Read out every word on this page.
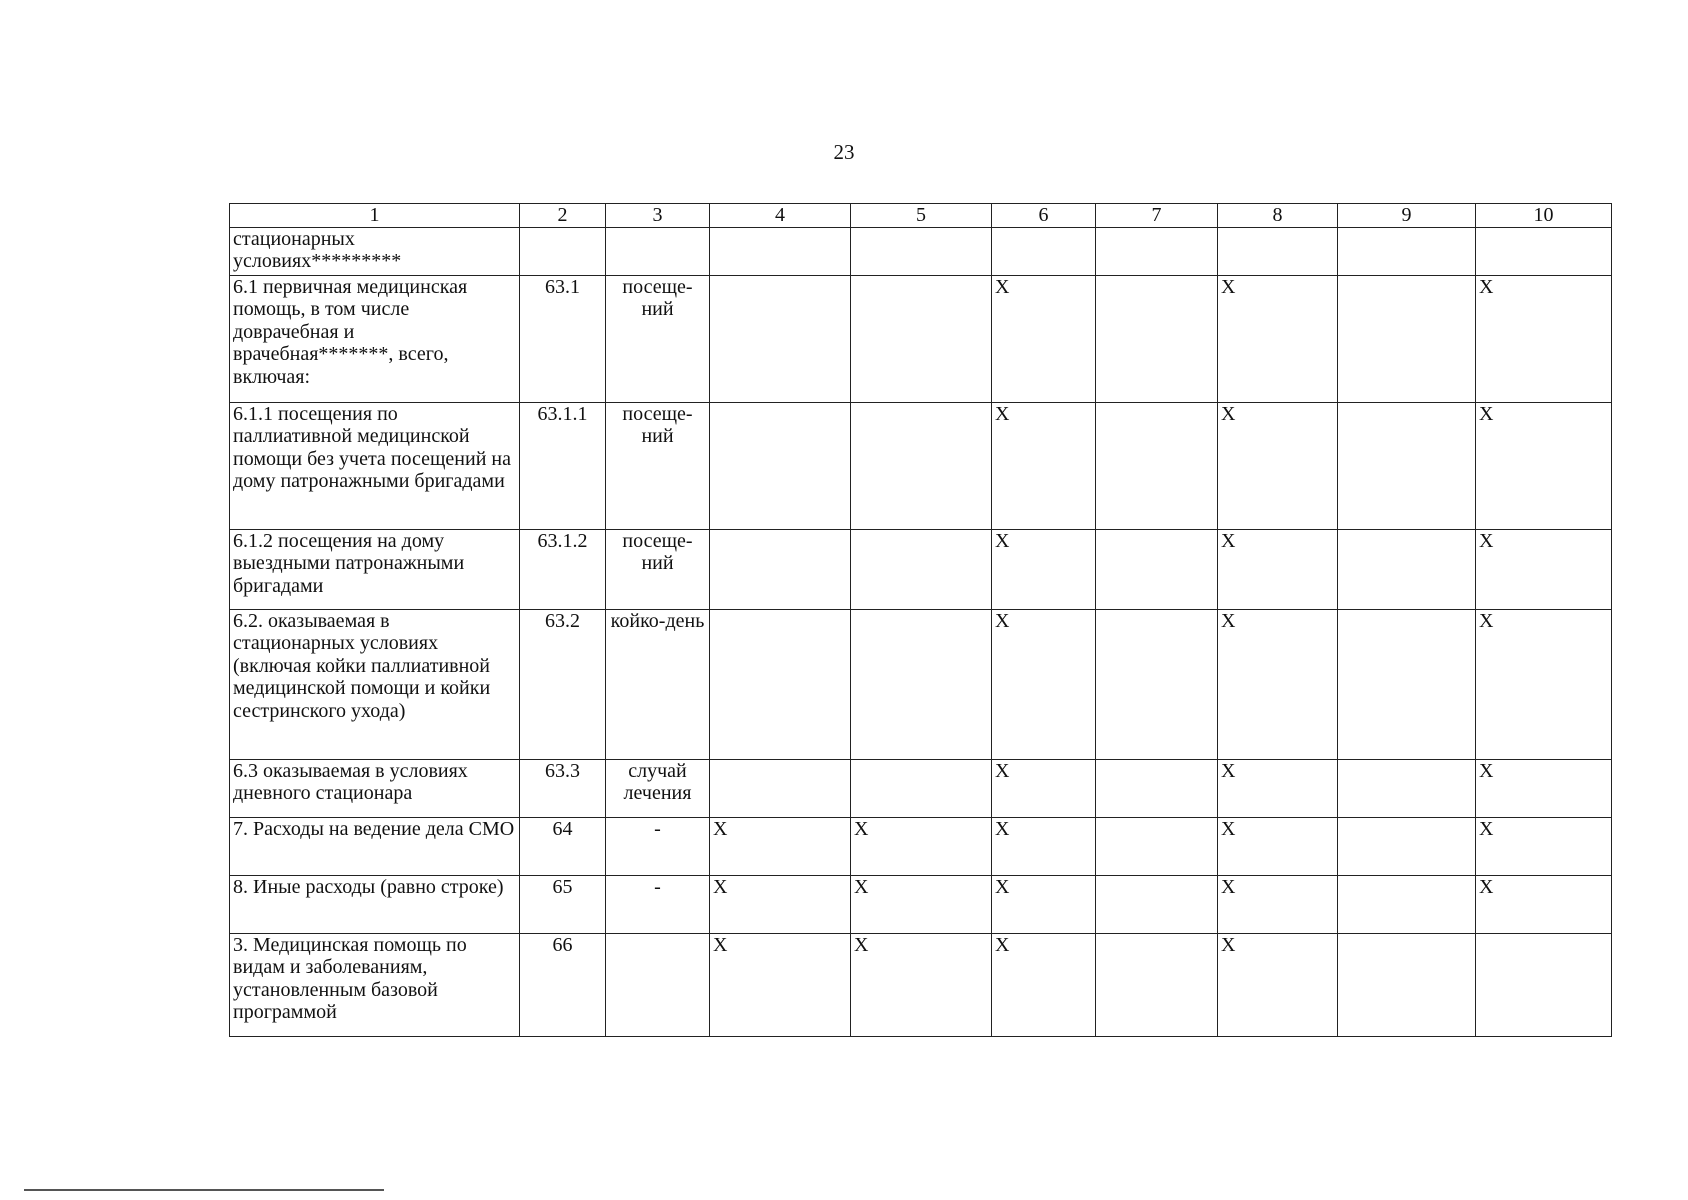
23
1	2	3	4	5	6	7	8	9	10
стационарных условиях*********									
6.1 первичная медицинская помощь, в том числе доврачебная и врачебная*******, всего, включая:	63.1	посеще-ний			X		X		X
6.1.1 посещения по паллиативной медицинской помощи без учета посещений на дому патронажными бригадами	63.1.1	посеще-ний			X		X		X
6.1.2 посещения на дому выездными патронажными бригадами	63.1.2	посеще-ний			X		X		X
6.2. оказываемая в стационарных условиях (включая койки паллиативной медицинской помощи и койки сестринского ухода)	63.2	койко-день			X		X		X
6.3 оказываемая в условиях дневного стационара	63.3	случай лечения			X		X		X
7. Расходы на ведение дела СМО	64	-	X	X	X		X		X
8. Иные расходы (равно строке)	65	-	X	X	X		X		X
3. Медицинская помощь по видам и заболеваниям, установленным базовой программой	66		X	X	X		X		
